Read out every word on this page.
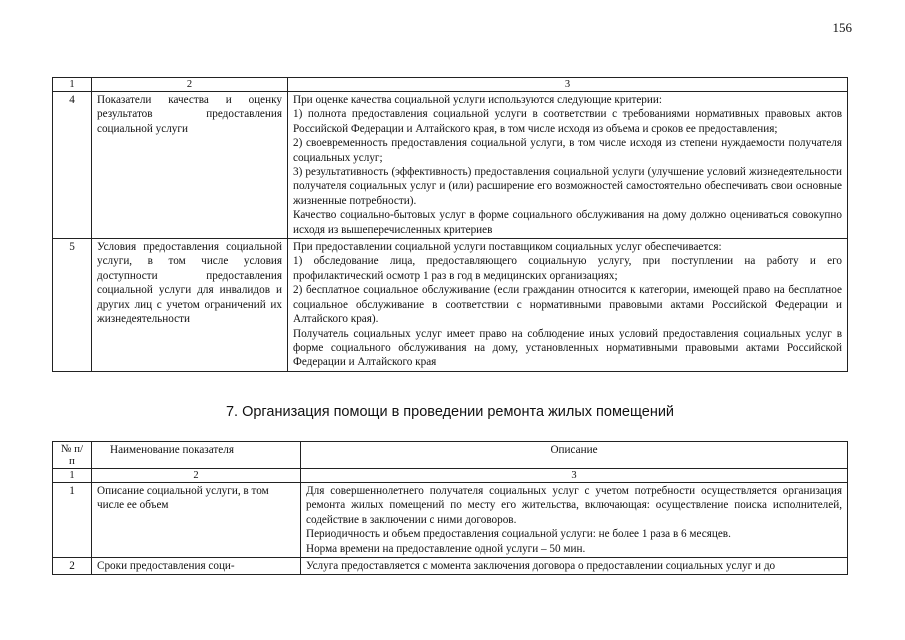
156
1	2	3
4	Показатели качества и оценку результатов предоставления социальной услуги	При оценке качества социальной услуги используются следующие критерии:
1) полнота предоставления социальной услуги в соответствии с требованиями нормативных правовых актов Российской Федерации и Алтайского края, в том числе исходя из объема и сроков ее предоставления;
2) своевременность предоставления социальной услуги, в том числе исходя из степени нуждаемости получателя социальных услуг;
3) результативность (эффективность) предоставления социальной услуги (улучшение условий жизнедеятельности получателя социальных услуг и (или) расширение его возможностей самостоятельно обеспечивать свои основные жизненные потребности).
Качество социально-бытовых услуг в форме социального обслуживания на дому должно оцениваться совокупно исходя из вышеперечисленных критериев

5	Условия предоставления социальной услуги, в том числе условия доступности предоставления социальной услуги для инвалидов и других лиц с учетом ограничений их жизнедеятельности	При предоставлении социальной услуги поставщиком социальных услуг обеспечивается:
1) обследование лица, предоставляющего социальную услугу, при поступлении на работу и его профилактический осмотр 1 раз в год в медицинских организациях;
2) бесплатное социальное обслуживание (если гражданин относится к категории, имеющей право на бесплатное социальное обслуживание в соответствии с нормативными правовыми актами Российской Федерации и Алтайского края).
Получатель социальных услуг имеет право на соблюдение иных условий предоставления социальных услуг в форме социального обслуживания на дому, установленных нормативными правовыми актами Российской Федерации и Алтайского края
7. Организация помощи в проведении ремонта жилых помещений
№ п/п	Наименование показателя	Описание
1	2	3
1	Описание социальной услуги, в том числе ее объем	Для совершеннолетнего получателя социальных услуг с учетом потребности осуществляется организация ремонта жилых помещений по месту его жительства, включающая: осуществление поиска исполнителей, содействие в заключении с ними договоров.
Периодичность и объем предоставления социальной услуги: не более 1 раза в 6 месяцев.
Норма времени на предоставление одной услуги – 50 мин.

2	Сроки предоставления соци-	Услуга предоставляется с момента заключения договора о предоставлении социальных услуг и до
